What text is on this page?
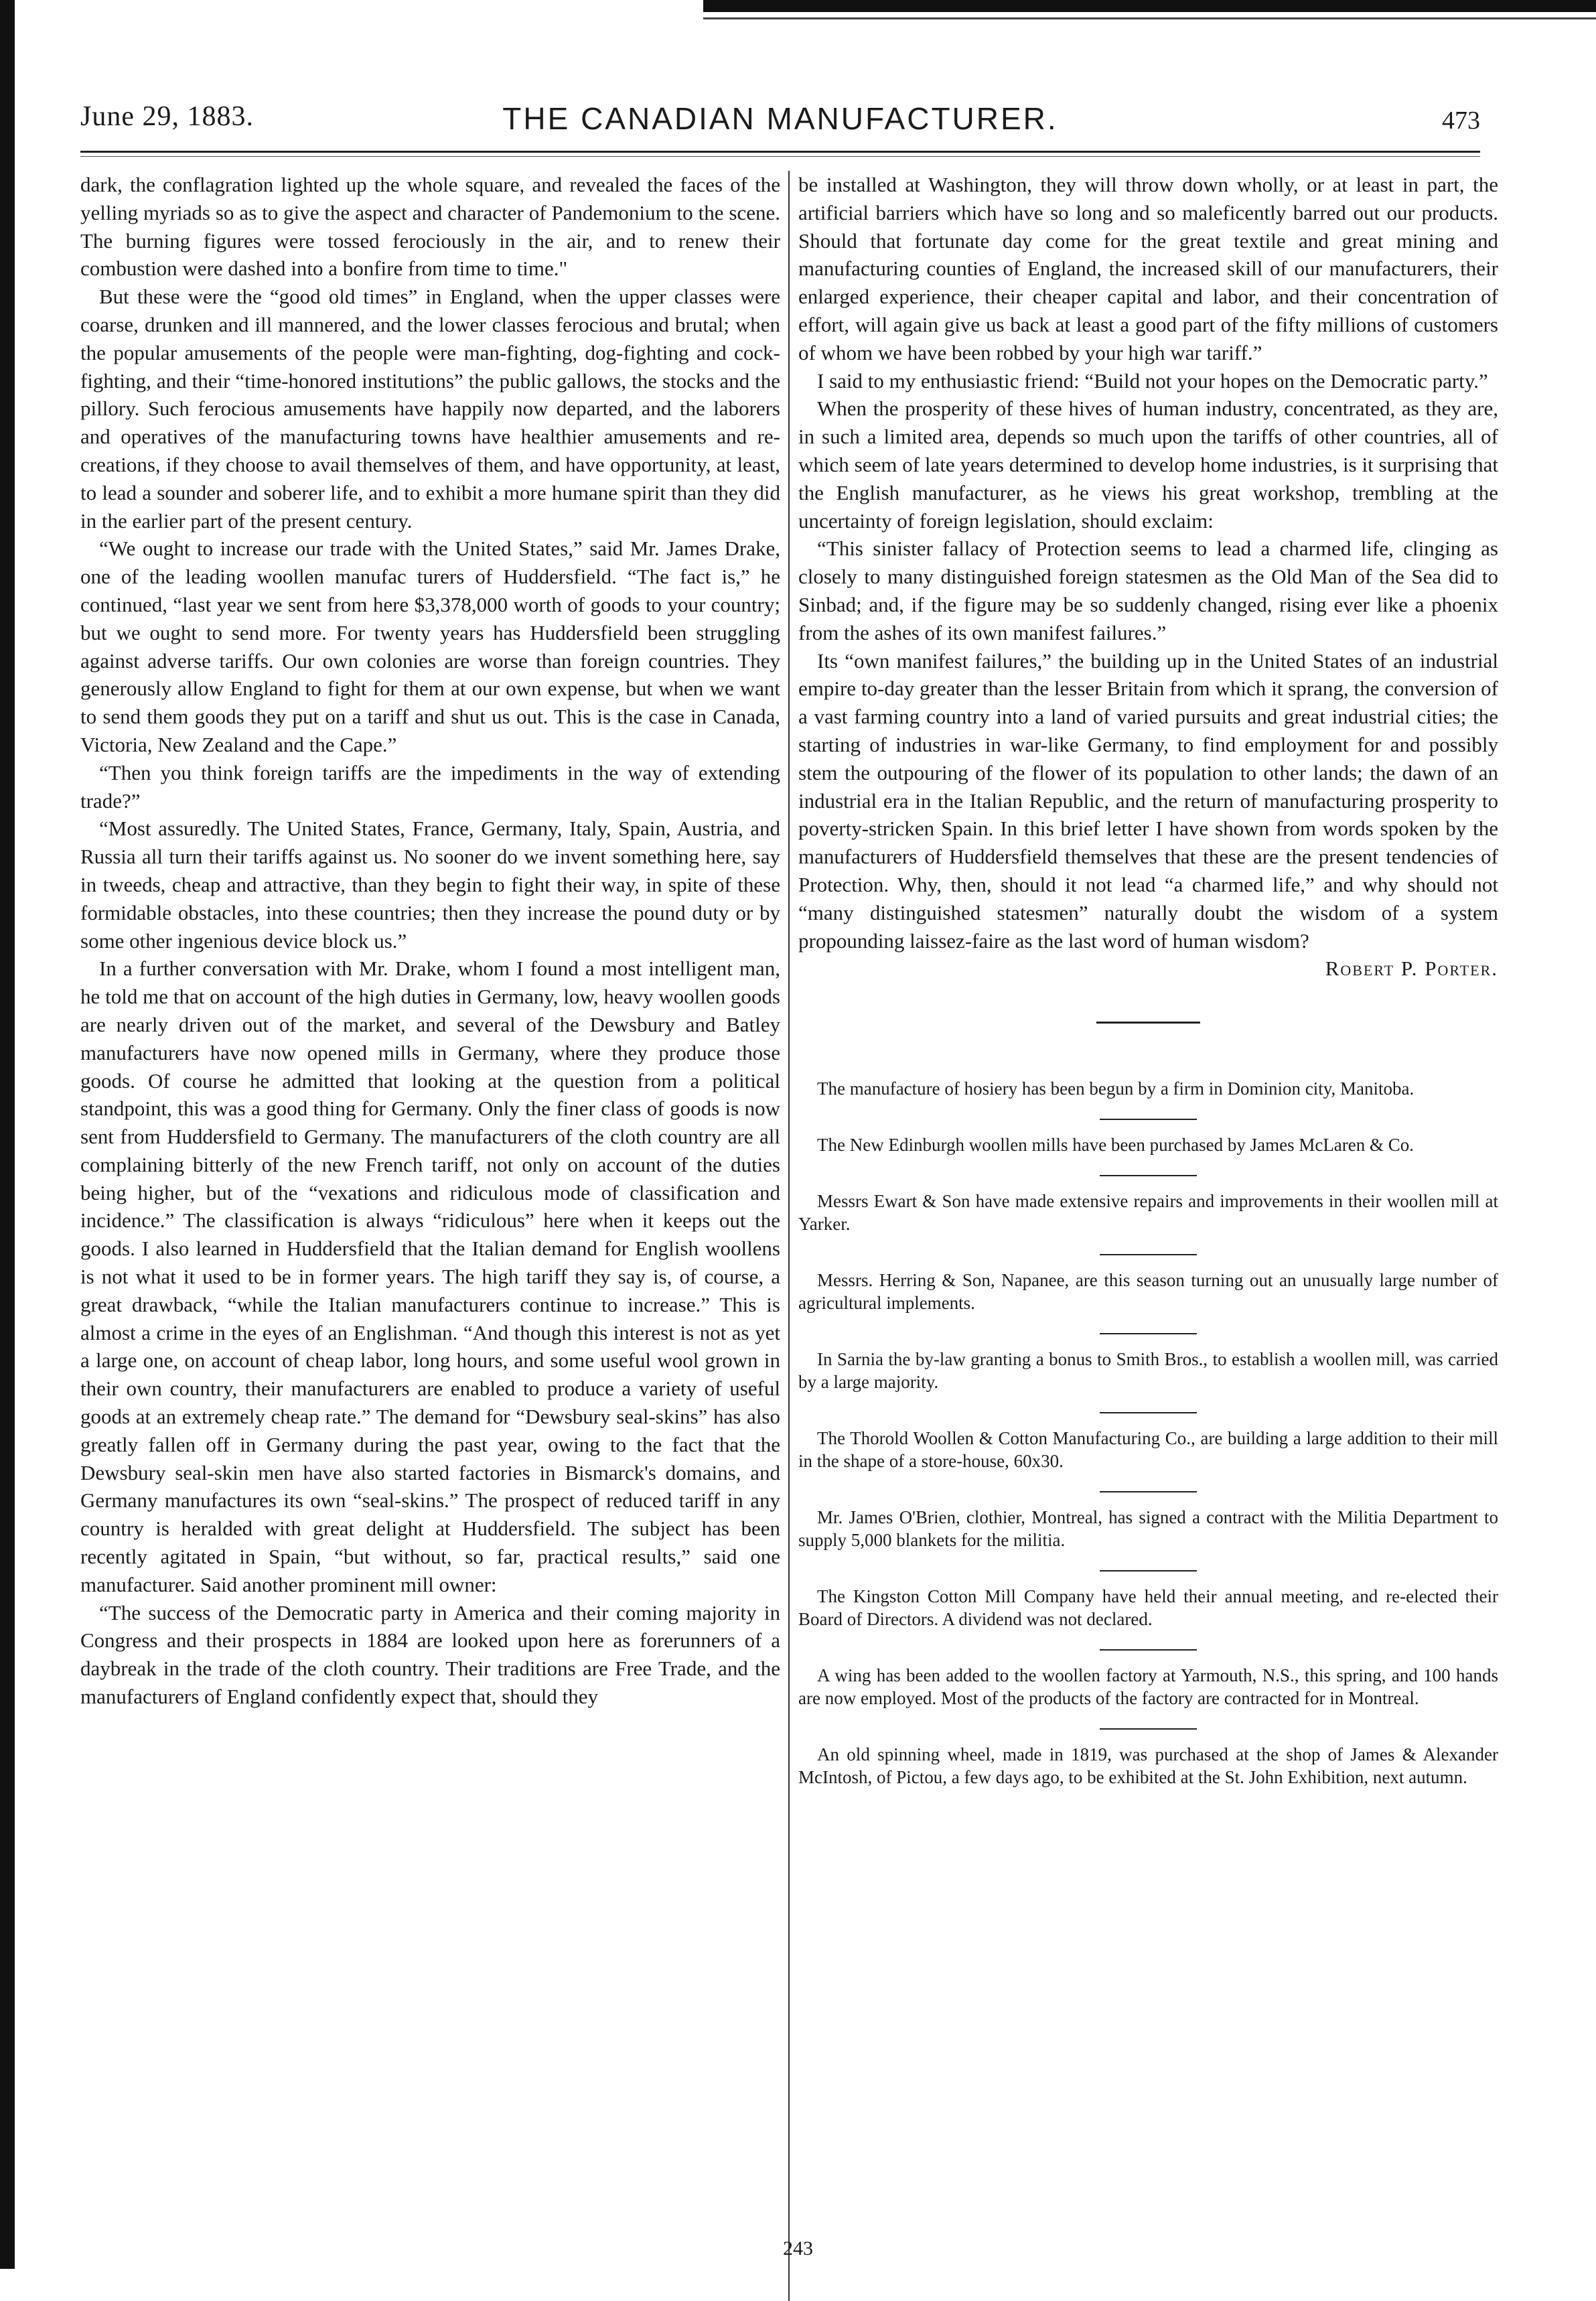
June 29, 1883.	THE CANADIAN MANUFACTURER.	473

dark, the conflagration lighted up the whole square, and revealed the faces of the yelling myriads so as to give the aspect and character of Pandemonium to the scene. The burning figures were tossed ferociously in the air, and to renew their combustion were dashed into a bonfire from time to time."

But these were the “good old times” in England, when the upper classes were coarse, drunken and ill mannered, and the lower classes ferocious and brutal; when the popular amusements of the people were man-fighting, dog-fighting and cock-fighting, and their “time-honored institutions” the public gallows, the stocks and the pillory. Such ferocious amusements have happily now departed, and the laborers and operatives of the manufacturing towns have healthier amusements and re-creations, if they choose to avail themselves of them, and have opportunity, at least, to lead a sounder and soberer life, and to exhibit a more humane spirit than they did in the earlier part of the present century.

“We ought to increase our trade with the United States,” said Mr. James Drake, one of the leading woollen manufac turers of Huddersfield. “The fact is,” he continued, “last year we sent from here $3,378,000 worth of goods to your country; but we ought to send more. For twenty years has Huddersfield been struggling against adverse tariffs. Our own colonies are worse than foreign countries. They generously allow England to fight for them at our own expense, but when we want to send them goods they put on a tariff and shut us out. This is the case in Canada, Victoria, New Zealand and the Cape.”

“Then you think foreign tariffs are the impediments in the way of extending trade?”

“Most assuredly. The United States, France, Germany, Italy, Spain, Austria, and Russia all turn their tariffs against us. No sooner do we invent something here, say in tweeds, cheap and attractive, than they begin to fight their way, in spite of these formidable obstacles, into these countries; then they increase the pound duty or by some other ingenious device block us.”

In a further conversation with Mr. Drake, whom I found a most intelligent man, he told me that on account of the high duties in Germany, low, heavy woollen goods are nearly driven out of the market, and several of the Dewsbury and Batley manufacturers have now opened mills in Germany, where they produce those goods. Of course he admitted that looking at the question from a political standpoint, this was a good thing for Germany. Only the finer class of goods is now sent from Huddersfield to Germany. The manufacturers of the cloth country are all complaining bitterly of the new French tariff, not only on account of the duties being higher, but of the “vexations and ridiculous mode of classification and incidence.” The classification is always “ridiculous” here when it keeps out the goods. I also learned in Huddersfield that the Italian demand for English woollens is not what it used to be in former years. The high tariff they say is, of course, a great drawback, “while the Italian manufacturers continue to increase.” This is almost a crime in the eyes of an Englishman. “And though this interest is not as yet a large one, on account of cheap labor, long hours, and some useful wool grown in their own country, their manufacturers are enabled to produce a variety of useful goods at an extremely cheap rate.” The demand for “Dewsbury seal-skins” has also greatly fallen off in Germany during the past year, owing to the fact that the Dewsbury seal-skin men have also started factories in Bismarck's domains, and Germany manufactures its own “seal-skins.” The prospect of reduced tariff in any country is heralded with great delight at Huddersfield. The subject has been recently agitated in Spain, “but without, so far, practical results,” said one manufacturer. Said another prominent mill owner:

“The success of the Democratic party in America and their coming majority in Congress and their prospects in 1884 are looked upon here as forerunners of a daybreak in the trade of the cloth country. Their traditions are Free Trade, and the manufacturers of England confidently expect that, should they

be installed at Washington, they will throw down wholly, or at least in part, the artificial barriers which have so long and so maleficently barred out our products. Should that fortunate day come for the great textile and great mining and manufacturing counties of England, the increased skill of our manufacturers, their enlarged experience, their cheaper capital and labor, and their concentration of effort, will again give us back at least a good part of the fifty millions of customers of whom we have been robbed by your high war tariff.”

I said to my enthusiastic friend: “Build not your hopes on the Democratic party.”

When the prosperity of these hives of human industry, concentrated, as they are, in such a limited area, depends so much upon the tariffs of other countries, all of which seem of late years determined to develop home industries, is it surprising that the English manufacturer, as he views his great workshop, trembling at the uncertainty of foreign legislation, should exclaim:

“This sinister fallacy of Protection seems to lead a charmed life, clinging as closely to many distinguished foreign statesmen as the Old Man of the Sea did to Sinbad; and, if the figure may be so suddenly changed, rising ever like a phoenix from the ashes of its own manifest failures.”

Its “own manifest failures,” the building up in the United States of an industrial empire to-day greater than the lesser Britain from which it sprang, the conversion of a vast farming country into a land of varied pursuits and great industrial cities; the starting of industries in war-like Germany, to find employment for and possibly stem the outpouring of the flower of its population to other lands; the dawn of an industrial era in the Italian Republic, and the return of manufacturing prosperity to poverty-stricken Spain. In this brief letter I have shown from words spoken by the manufacturers of Huddersfield themselves that these are the present tendencies of Protection. Why, then, should it not lead “a charmed life,” and why should not “many distinguished statesmen” naturally doubt the wisdom of a system propounding laissez-faire as the last word of human wisdom?

Robert P. Porter.

The manufacture of hosiery has been begun by a firm in Dominion city, Manitoba.

The New Edinburgh woollen mills have been purchased by James McLaren & Co.

Messrs Ewart & Son have made extensive repairs and improvements in their woollen mill at Yarker.

Messrs. Herring & Son, Napanee, are this season turning out an unusually large number of agricultural implements.

In Sarnia the by-law granting a bonus to Smith Bros., to establish a woollen mill, was carried by a large majority.

The Thorold Woollen & Cotton Manufacturing Co., are building a large addition to their mill in the shape of a store-house, 60x30.

Mr. James O'Brien, clothier, Montreal, has signed a contract with the Militia Department to supply 5,000 blankets for the militia.

The Kingston Cotton Mill Company have held their annual meeting, and re-elected their Board of Directors. A dividend was not declared.

A wing has been added to the woollen factory at Yarmouth, N.S., this spring, and 100 hands are now employed. Most of the products of the factory are contracted for in Montreal.

An old spinning wheel, made in 1819, was purchased at the shop of James & Alexander McIntosh, of Pictou, a few days ago, to be exhibited at the St. John Exhibition, next autumn.

243
